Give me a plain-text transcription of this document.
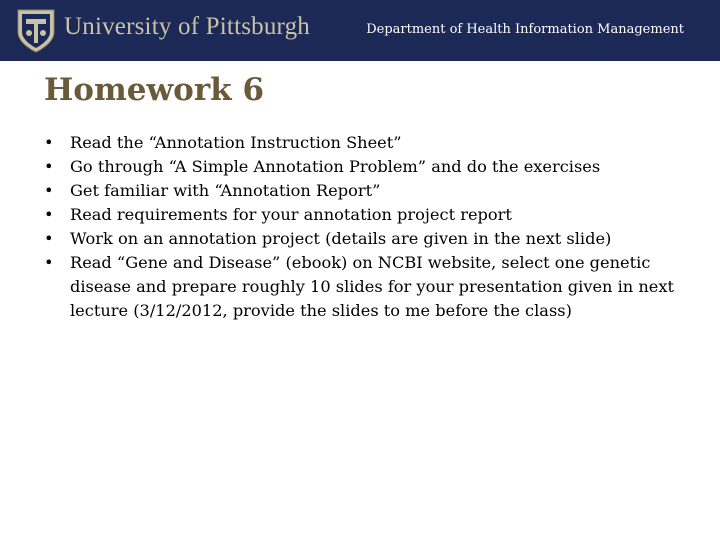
University of Pittsburgh	Department of Health Information Management
Homework 6
• Read the “Annotation Instruction Sheet”
• Go through “A Simple Annotation Problem” and do the exercises
• Get familiar with “Annotation Report”
• Read requirements for your annotation project report
• Work on an annotation project (details are given in the next slide)
• Read “Gene and Disease” (ebook) on NCBI website, select one genetic disease and prepare roughly 10 slides for your presentation given in next lecture (3/12/2012, provide the slides to me before the class)
